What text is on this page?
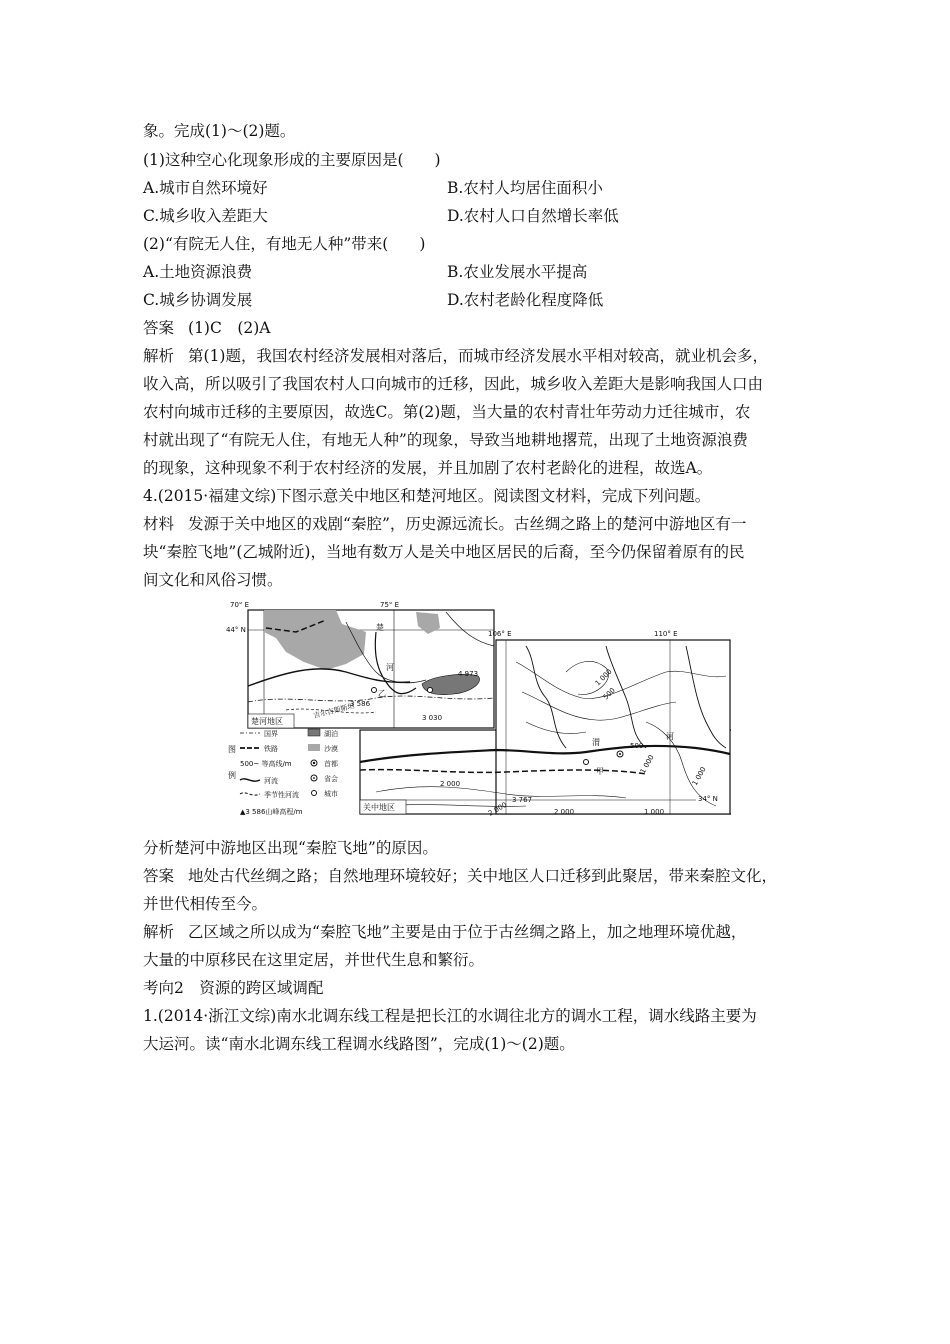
象。完成(1)～(2)题。
(1)这种空心化现象形成的主要原因是(　　)
A.城市自然环境好	B.农村人均居住面积小
C.城乡收入差距大	D.农村人口自然增长率低
(2)“有院无人住，有地无人种”带来(　　)
A.土地资源浪费	B.农业发展水平提高
C.城乡协调发展	D.农村老龄化程度降低
答案 (1)C　(2)A
解析 第(1)题，我国农村经济发展相对落后，而城市经济发展水平相对较高，就业机会多，
收入高，所以吸引了我国农村人口向城市的迁移，因此，城乡收入差距大是影响我国人口由
农村向城市迁移的主要原因，故选C。第(2)题，当大量的农村青壮年劳动力迁往城市，农
村就出现了“有院无人住，有地无人种”的现象，导致当地耕地撂荒，出现了土地资源浪费
的现象，这种现象不利于农村经济的发展，并且加剧了农村老龄化的进程，故选A。
4.(2015·福建文综)下图示意关中地区和楚河地区。阅读图文材料，完成下列问题。
材料 发源于关中地区的戏剧“秦腔”，历史源远流长。古丝绸之路上的楚河中游地区有一
块“秦腔飞地”(乙城附近)，当地有数万人是关中地区居民的后裔，至今仍保留着原有的民
间文化和风俗习惯。
70° E	75° E
44° N	楚
河
乙
吉尔吉斯斯坦
4 973
3 586
3 030
楚河地区
106° E	110° E
34° N
渭
河
甲
1 000
500
500
1 000
1 000
2 000
2 000	2 000	1 000
3 767
关中地区
图
例
国界
铁路
500~ 等高线/m
河流
季节性河流
▲3 586山峰高程/m
湖泊
沙漠
首都
省会
城市
分析楚河中游地区出现“秦腔飞地”的原因。
答案 地处古代丝绸之路；自然地理环境较好；关中地区人口迁移到此聚居，带来秦腔文化，
并世代相传至今。
解析 乙区域之所以成为“秦腔飞地”主要是由于位于古丝绸之路上，加之地理环境优越，
大量的中原移民在这里定居，并世代生息和繁衍。
考向2　资源的跨区域调配
1.(2014·浙江文综)南水北调东线工程是把长江的水调往北方的调水工程，调水线路主要为
大运河。读“南水北调东线工程调水线路图”，完成(1)～(2)题。
